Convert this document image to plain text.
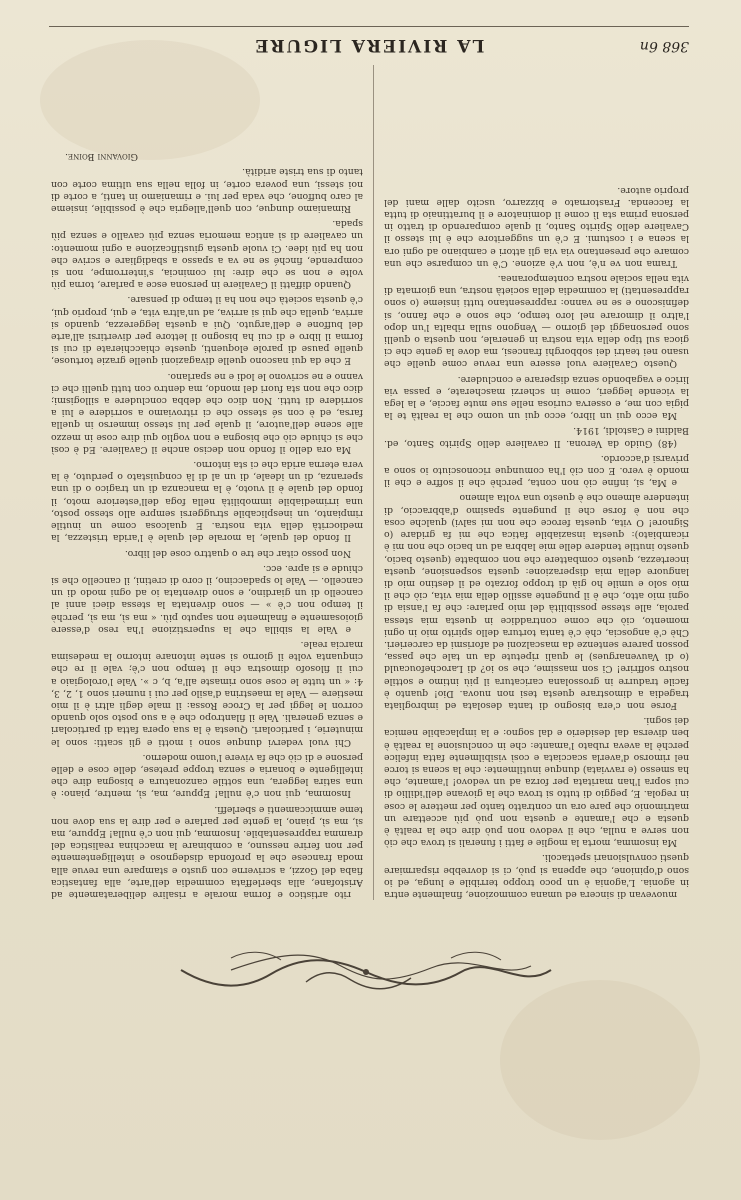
368 6n
LA RIVIERA LIGURE

muovevan di sincera ed umana commozione, finalmente entra in agonia. L'agonia è un poco troppo terribile e lunga, ed io sono d'opinione, che appena si può, ci si dovrebbe risparmiare questi convulsionari spettacoli.

Ma insomma, morta la moglie e fatti i funerali si trova che ciò non serve a nulla, che il vedovo non può dire che la realtà è questa e che l'amante e questa non può più accettare un matrimonio che pare ora un contratto tanto per mettere le cose in regola. E, peggio di tutto si trova che la giovane dell'idillio di cui sopra l'han maritata per forza ad un vedovo! l'amante, che ha smesso (e ravviata) dunque inutilmente: che la scena si torce nel rimorso d'averla scacciata e così visibilmente fatta infelice perchè la aveva rubato l'amante: che in conclusione la realtà è ben diversa dal desiderio e dal sogno: e la implacabile nemica dei sogni.

Forse non c'era bisogno di tanta desolata ed imbrogliata tragedia a dimostrare questa tesi non nuova. Dio! quanto è facile tradurre in grossolana caricatura il più intimo e sottile nostro soffrire! Ci son massime, che so io? di Larochefoucauld (o di Vauvenargues) le quali ripetute da un tale che passa, posson parere sentenze da mascalzoni ed aforismi da carcerieri. Chè c'è angoscia, chè c'è tanta tortura dello spirito mio in ogni momento, ciò che come contraddice in questa mia stessa parola, alle stesse possibilità del mio parlare: che fa l'ansia di ogni mio atto, che è il pungente assillo della mia vita, ciò che il mio solo e umile ho già di troppo forzato ed il destino mio di languore della mia disperazione: questa sospensione, questa incertezza, questo combattere che non combatte (questo bacio, questo inutile tendere delle mie labbra ad un bacio che non mi è ricambiato): questa insaziabile fatica che mi fa gridare (o Signore! O vita, questa feroce che non mi salvi) qualche cosa che non è forse che il pungente spasimo d'abbraccio, di intendere almeno che è questo una volta almeno

e Ma, si, infine ciò non conta, perchè che il soffre e che il mondo è vero. E con ciò l'ha comunque riconosciuto io sono a privarsi d'accordo.

(48) Guido da Verona. Il cavaliere dello Spirito Santo, ed. Baldini e Castoldi, 1914.

Ma ecco qui un libro, ecco qui un uomo che la realtà te la pigia con me, e osserva curiosa nelle sue mute faccie, e la lega la vicende leggeri, come in scherzi mascherate, e passa via lirico e vagabondo senza disperare e concludere.

Questo Cavaliere vuol essere una revue come quelle che usano nei teatri dei sobborghi francesi, ma dove la gente che ci gioca sul tipo della vita nostra in generale, non questa o quelli sono personaggi del giorno — Vengono sulla ribalta l'un dopo l'altro il dimorare nel loro tempo, che sono e che fanno, si definiscono e se ne vanno: rappresentano tutti insieme (o sono rappresentati) la commedia della società nostra, una giornata di vita nella sociale nostra contemporanea.

Trama non ve n'è, non v'è azione. C'è un comparse che una comare che presentano via via gli attori e cambiano ad ogni ora la scena e i costumi. E c'è un suggeritore che è lui stesso il Cavaliere dello Spirito Santo, il quale comparendo di tratto in persona prima sta lì come il dominatore e il burattinaio di tutta la faccenda. Frastornato e bizzarro, uscito dalle mani del proprio autore.

rito artistico e forma morale a risalire deliberatamente ad Aristofane, alla sberleffata commedia dell'arte, alla fantastica fiaba del Gozzi, a scriverne con gusto e stampare una revue alla moda francese che la profonda disdegnoso e intelligentemente per non ferire nessuno, a combinare la macchina realistica del dramma rappresentabile. Insomma, qui non c'è nulla! Eppure, ma sì, ma sì, piano, la gente per parlare e per dire la sua dove non teme ammiccamenti e sberleffi.

Insomma, qui non c'è nulla! Eppure, ma, sì, mentre, piano: è una satira leggera, una sottile canzonatura e bisogna dire che intelligente e bonaria e senza troppe pretese, delle cose e delle persone e di ciò che fa vivere l'uomo moderno.

Chi vuol vedervi dunque sono i motti e gli scatti: sono le minuterie, i particolari. Questa è la sua opera fatta di particolari e senza generali. Vale il filantropo che è a suo posto solo quando corron le leggi per la Croce Rossa: il male degli altri è il mio mestiere — Vale la maestrina d'asilo per cui i numeri sono 1, 2, 3, 4: « un tutte le cose sono rimaste all'a, b, c ». Vale l'orologiaio a cui il filosofo dimostra che il tempo non c'è; vale il re che cinquanta volte il giorno si sente intonare intorno la medesima marcia reale.

e Vale la sibilla che la superstizione l'ha reso d'essere gioiosamente e finalmente non saputo più. « ma sì, ma sì, perchè il tempo non c'è » — sono diventata la stessa dieci anni al cancello di un giardino, e sono diventata io ad ogni modo di un cancello. — Vale lo spadaccino, il coro di cretini, il cancello che si chiude e si apre. ecc.

Non posso citar che tre o quattro cose del libro.

Il fondo del quale, la morale del quale è l'arida tristezza, la mediocrità della vita nostra. E qualcosa come un inutile rimpianto, un inesplicabile struggersi sempre allo stesso posto, una irrimediabile immobilità nella foga dell'esteriore moto, il fondo del quale è il vuoto, è la mancanza di un tragico o di una speranza, di un ideale, di un al di là conquistato o perduto, è la vera eterna arida che ci sta intorno.

Ma ora dello il fondo non deciso anche il Cavaliere. Ed è così che si chiude ciò che bisogna e non voglio qui dire cose in mezzo alle scene dell'autore, il quale per lui stesso immerso in quella farsa, ed è con sé stesso che ci ritroviamo a sorridere e lui a sorridere di tutti. Non dico che debba concludere a sillogismi; dico che non sta fuori del mondo, ma dentro con tutti quelli che ci vanno e ne scrivono le lodi e ne sparlano.

E che da qui nascono quelle divagazioni quelle grazie tortuose, quelle pause di parole eloquenti, queste chiacchierate di cui si forma il libro e di cui ha bisogno il lettore per divertirsi all'arte del buffone e dell'arguto. Qui a questa leggerezza, quando si arriva, quella che qui si arriva, ad un'altra vita, e qui, proprio qui, c'è questa società che non ha il tempo di pensare.

Quando diffatti il Cavaliere in persona esce a parlare, torna più volte e non se che dire: lui comincia, s'interrompe, non si comprende, finché se ne va a spasso a sbadigliare e scrive che non ha più idee. Ci vuole questa giustificazione a ogni momento: un cavaliere di sì antica memoria senza più cavallo e senza più spada.

Rimaniamo dunque, con quell'allegria che è possibile, insieme al caro buffone, che vada per lui. e rimaniamo in tanti, a corte di noi stessi, una povera corte, in folla nella sua ultima corte con tanto di sua triste aridità.

Giovanni Boine.
